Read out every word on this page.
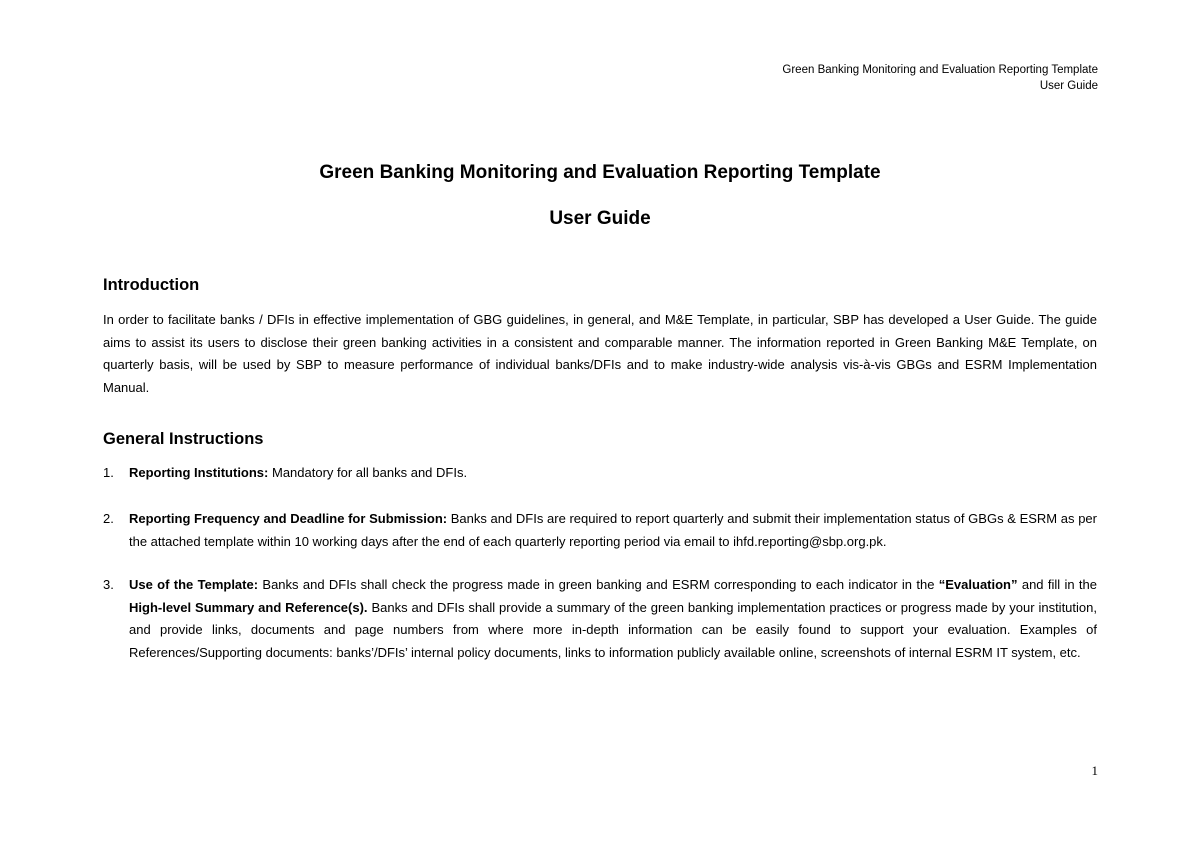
Green Banking Monitoring and Evaluation Reporting Template
User Guide
Green Banking Monitoring and Evaluation Reporting Template
User Guide
Introduction
In order to facilitate banks / DFIs in effective implementation of GBG guidelines, in general, and M&E Template, in particular, SBP has developed a User Guide. The guide aims to assist its users to disclose their green banking activities in a consistent and comparable manner. The information reported in Green Banking M&E Template, on quarterly basis, will be used by SBP to measure performance of individual banks/DFIs and to make industry-wide analysis vis-à-vis GBGs and ESRM Implementation Manual.
General Instructions
1.	Reporting Institutions: Mandatory for all banks and DFIs.
2.	Reporting Frequency and Deadline for Submission: Banks and DFIs are required to report quarterly and submit their implementation status of GBGs & ESRM as per the attached template within 10 working days after the end of each quarterly reporting period via email to ihfd.reporting@sbp.org.pk.
3.	Use of the Template: Banks and DFIs shall check the progress made in green banking and ESRM corresponding to each indicator in the “Evaluation” and fill in the High-level Summary and Reference(s). Banks and DFIs shall provide a summary of the green banking implementation practices or progress made by your institution, and provide links, documents and page numbers from where more in-depth information can be easily found to support your evaluation. Examples of References/Supporting documents: banks’/DFIs’ internal policy documents, links to information publicly available online, screenshots of internal ESRM IT system, etc.
1
